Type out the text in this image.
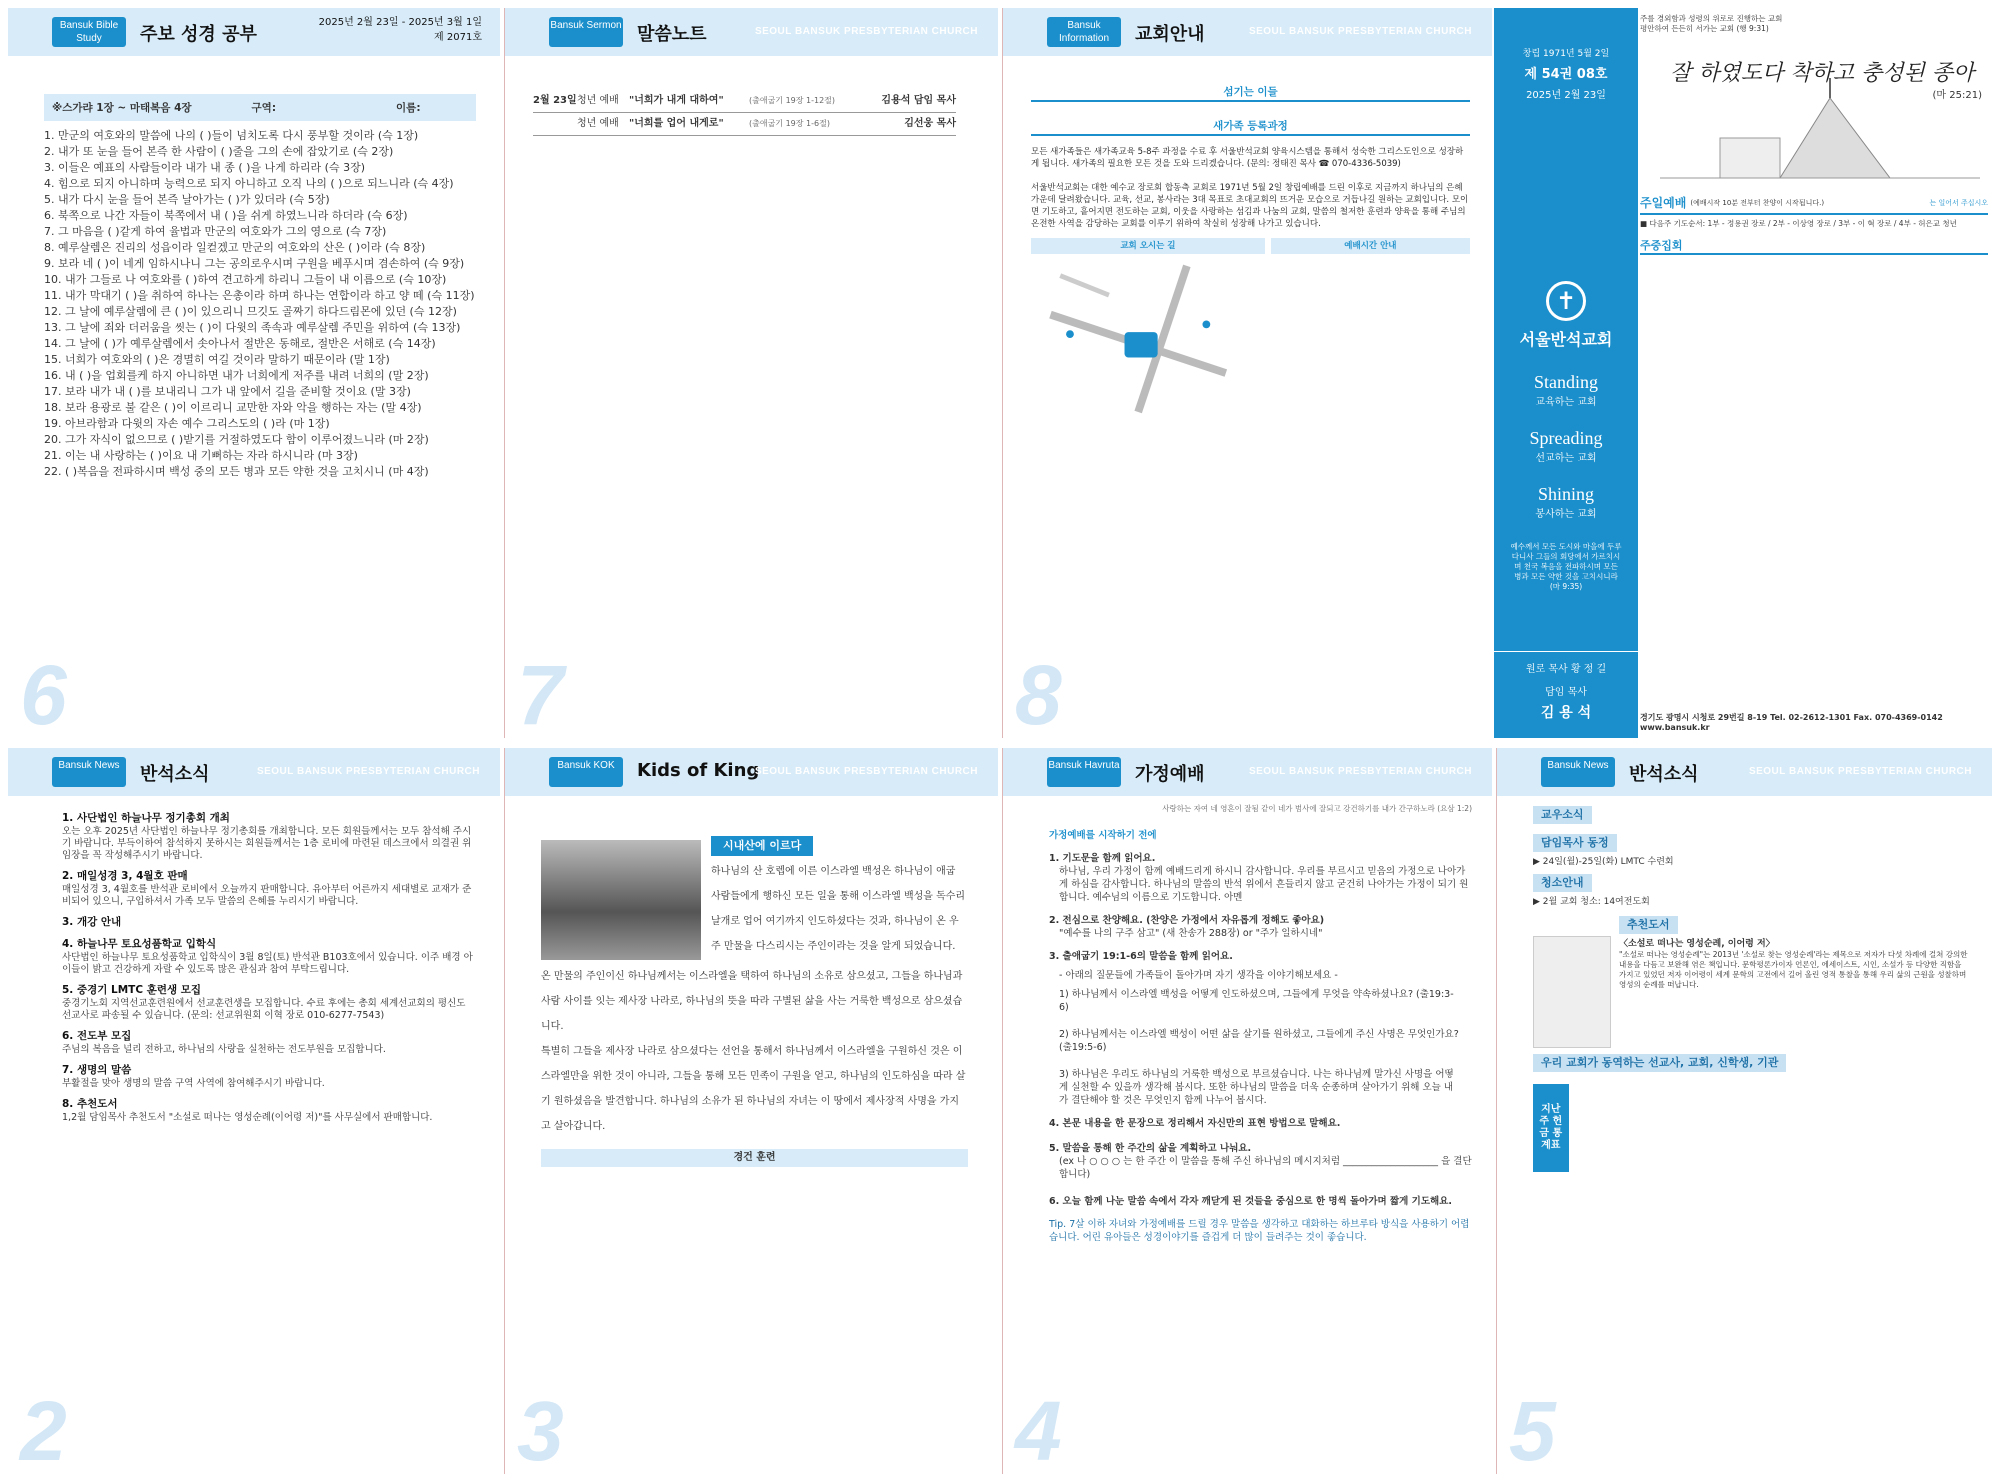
Bansuk Bible Study	주보 성경 공부
2025년 2월 23일 - 2025년 3월 1일
제 2071호
※스가랴 1장 ~ 마태복음 4장	구역:	이름:
1. 만군의 여호와의 말씀에 나의 ( )들이 넘치도록 다시 풍부할 것이라 (슥 1장)
2. 내가 또 눈을 들어 본즉 한 사람이 ( )줄을 그의 손에 잡았기로 (슥 2장)
3. 이들은 예표의 사람들이라 내가 내 종 ( )을 나게 하리라 (슥 3장)
4. 힘으로 되지 아니하며 능력으로 되지 아니하고 오직 나의 ( )으로 되느니라 (슥 4장)
5. 내가 다시 눈을 들어 본즉 날아가는 ( )가 있더라 (슥 5장)
6. 북쪽으로 나간 자들이 북쪽에서 내 ( )을 쉬게 하였느니라 하더라 (슥 6장)
7. 그 마음을 ( )같게 하여 율법과 만군의 여호와가 그의 영으로 (슥 7장)
8. 예루살렘은 진리의 성읍이라 일컫겠고 만군의 여호와의 산은 ( )이라 (슥 8장)
9. 보라 네 ( )이 네게 임하시나니 그는 공의로우시며 구원을 베푸시며 겸손하여 (슥 9장)
10. 내가 그들로 나 여호와를 ( )하여 견고하게 하리니 그들이 내 이름으로 (슥 10장)
11. 내가 막대기 ( )을 취하여 하나는 은총이라 하며 하나는 연합이라 하고 양 떼 (슥 11장)
12. 그 날에 예루살렘에 큰 ( )이 있으리니 므깃도 골짜기 하다드림몬에 있던 (슥 12장)
13. 그 날에 죄와 더러움을 씻는 ( )이 다윗의 족속과 예루살렘 주민을 위하여 (슥 13장)
14. 그 날에 ( )가 예루살렘에서 솟아나서 절반은 동해로, 절반은 서해로 (슥 14장)
15. 너희가 여호와의 ( )은 경멸히 여길 것이라 말하기 때문이라 (말 1장)
16. 내 ( )을 업회를케 하지 아니하면 내가 너희에게 저주를 내려 너희의 (말 2장)
17. 보라 내가 내 ( )를 보내리니 그가 내 앞에서 길을 준비할 것이요 (말 3장)
18. 보라 용광로 불 같은 ( )이 이르리니 교만한 자와 악을 행하는 자는 (말 4장)
19. 아브라함과 다윗의 자손 예수 그리스도의 ( )라 (마 1장)
20. 그가 자식이 없으므로 ( )받기를 거절하였도다 함이 이루어졌느니라 (마 2장)
21. 이는 내 사랑하는 ( )이요 내 기뻐하는 자라 하시니라 (마 3장)
22. ( )복음을 전파하시며 백성 중의 모든 병과 모든 약한 것을 고치시니 (마 4장)
6
Bansuk Sermon 말씀노트	SEOUL BANSUK PRESBYTERIAN CHURCH
2월 23일 청년 예배	"너희가 내게 대하여"	(출애굽기 19장 1-12절)	김용석 담임 목사
청년 예배	"너희를 업어 내게로"	(출애굽기 19장 1-6절)	김선웅 목사
7
Bansuk Information	교회안내	SEOUL BANSUK PRESBYTERIAN CHURCH
섬기는 이들
새가족 등록과정
모든 새가족들은 새가족교육 5-8주 과정을 수료 후 서울반석교회 양육시스템을 통해서 성숙한 그리스도인으로 성장하게 됩니다. 새가족의 필요한 모든 것을 도와 드리겠습니다. (문의: 정태진 목사 ☎ 070-4336-5039)
서울반석교회는 대한 예수교 장로회 합동측 교회로 1971년 5월 2일 창립예배를 드린 이후로 지금까지 하나님의 은혜 가운데 달려왔습니다. 교육, 선교, 봉사라는 3대 목표로 초대교회의 뜨거운 모습으로 거듭나길 원하는 교회입니다. 모이면 기도하고, 흩어지면 전도하는 교회, 이웃을 사랑하는 섬김과 나눔의 교회, 말씀의 철저한 훈련과 양육을 통해 주님의 온전한 사역을 감당하는 교회를 이루기 위하여 착실히 성장해 나가고 있습니다.
교회 오시는 길	예배시간 안내
8
창립 1971년 5월 2일
제 54권 08호
2025년 2월 23일
✝
서울반석교회
Standing
교육하는 교회
Spreading
선교하는 교회
Shining
봉사하는 교회
예수께서 모든 도시와 마을에 두루 다니사 그들의 회당에서 가르치시며 천국 복음을 전파하시며 모든 병과 모든 약한 것을 고치시니라 (마 9:35)
원로 목사 황 정 길
담임 목사
김 용 석
주를 경외함과 성령의 위로로 진행하는 교회 평안하여 든든히 서가는 교회 (행 9:31)
잘 하였도다 착하고 충성된 종아
(마 25:21)
주일예배 (예배시작 10분 전부터 찬양이 시작됩니다.)	는 일어서 주십시오
■ 다음주 기도순서: 1부 - 정용권 장로 / 2부 - 이상영 장로 / 3부 - 이 혁 장로 / 4부 - 허은교 청년
주중집회
경기도 광명시 시청로 29번길 8-19 Tel. 02-2612-1301 Fax. 070-4369-0142 www.bansuk.kr
Bansuk News	반석소식	SEOUL BANSUK PRESBYTERIAN CHURCH
1. 사단법인 하늘나무 정기총회 개최

오는 오후 2025년 사단법인 하늘나무 정기총회를 개최합니다. 모든 회원들께서는 모두 참석해 주시기 바랍니다. 부득이하여 참석하지 못하시는 회원들께서는 1층 로비에 마련된 데스크에서 의결권 위임장을 꼭 작성해주시기 바랍니다.

2. 매일성경 3, 4월호 판매

매일성경 3, 4월호를 반석관 로비에서 오늘까지 판매합니다. 유아부터 어른까지 세대별로 교재가 준비되어 있으니, 구입하셔서 가족 모두 말씀의 은혜를 누리시기 바랍니다.

3. 개강 안내
4. 하늘나무 토요성품학교 입학식

사단법인 하늘나무 토요성품학교 입학식이 3월 8일(토) 반석관 B103호에서 있습니다. 이주 배경 아이들이 밝고 건강하게 자랄 수 있도록 많은 관심과 참여 부탁드립니다.

5. 중경기 LMTC 훈련생 모집

중경기노회 지역선교훈련원에서 선교훈련생을 모집합니다. 수료 후에는 총회 세계선교회의 평신도 선교사로 파송될 수 있습니다. (문의: 선교위원회 이혁 장로 010-6277-7543)

6. 전도부 모집

주님의 복음을 널리 전하고, 하나님의 사랑을 실천하는 전도부원을 모집합니다.

7. 생명의 말씀

부활절을 맞아 생명의 말씀 구역 사역에 참여해주시기 바랍니다.

8. 추천도서

1,2월 담임목사 추천도서 "소설로 떠나는 영성순례(이어령 저)"를 사무실에서 판매합니다.

2
Bansuk KOK	Kids of King
SEOUL BANSUK PRESBYTERIAN CHURCH
시내산에 이르다

하나님의 산 호렙에 이른 이스라엘 백성은 하나님이 애굽 사람들에게 행하신 모든 일을 통해 이스라엘 백성을 독수리 날개로 업어 여기까지 인도하셨다는 것과, 하나님이 온 우주 만물을 다스리시는 주인이라는 것을 알게 되었습니다.

온 만물의 주인이신 하나님께서는 이스라엘을 택하여 하나님의 소유로 삼으셨고, 그들을 하나님과 사람 사이를 잇는 제사장 나라로, 하나님의 뜻을 따라 구별된 삶을 사는 거룩한 백성으로 삼으셨습니다.

특별히 그들을 제사장 나라로 삼으셨다는 선언을 통해서 하나님께서 이스라엘을 구원하신 것은 이스라엘만을 위한 것이 아니라, 그들을 통해 모든 민족이 구원을 얻고, 하나님의 인도하심을 따라 살기 원하셨음을 발견합니다. 하나님의 소유가 된 하나님의 자녀는 이 땅에서 제사장적 사명을 가지고 살아갑니다.

경건 훈련
3
Bansuk Havruta 가정예배	SEOUL BANSUK PRESBYTERIAN CHURCH
사랑하는 자여 네 영혼이 잘됨 같이 네가 범사에 잘되고 강건하기를 내가 간구하노라 (요삼 1:2)
가정예배를 시작하기 전에
1. 기도문을 함께 읽어요.
하나님, 우리 가정이 함께 예배드리게 하시니 감사합니다. 우리를 부르시고 믿음의 가정으로 나아가게 하심을 감사합니다. 하나님의 말씀의 반석 위에서 흔들리지 않고 굳건히 나아가는 가정이 되기 원합니다. 예수님의 이름으로 기도합니다. 아멘
2. 전심으로 찬양해요. (찬양은 가정에서 자유롭게 정해도 좋아요)
"예수를 나의 구주 삼고" (새 찬송가 288장) or "주가 일하시네"
3. 출애굽기 19:1-6의 말씀을 함께 읽어요.
- 아래의 질문들에 가족들이 돌아가며 자기 생각을 이야기해보세요 -
1) 하나님께서 이스라엘 백성을 어떻게 인도하셨으며, 그들에게 무엇을 약속하셨나요? (출19:3-6)
2) 하나님께서는 이스라엘 백성이 어떤 삶을 살기를 원하셨고, 그들에게 주신 사명은 무엇인가요? (출19:5-6)
3) 하나님은 우리도 하나님의 거룩한 백성으로 부르셨습니다. 나는 하나님께 말가신 사명을 어떻게 실천할 수 있을까 생각해 봅시다. 또한 하나님의 말씀을 더욱 순종하며 살아가기 위해 오늘 내가 결단해야 할 것은 무엇인지 함께 나누어 봅시다.
4. 본문 내용을 한 문장으로 정리해서 자신만의 표현 방법으로 말해요.
5. 말씀을 통해 한 주간의 삶을 계획하고 나눠요.
(ex 나 ○ ○ ○ 는 한 주간 이 말씀을 통해 주신 하나님의 메시지처럼 ____________________ 을 결단합니다)
6. 오늘 함께 나눈 말씀 속에서 각자 깨닫게 된 것들을 중심으로 한 명씩 돌아가며 짧게 기도해요.
Tip. 7살 이하 자녀와 가정예배를 드릴 경우 말씀을 생각하고 대화하는 하브루타 방식을 사용하기 어렵습니다. 어린 유아들은 성경이야기를 즐겁게 더 많이 들려주는 것이 좋습니다.
4
Bansuk News	반석소식	SEOUL BANSUK PRESBYTERIAN CHURCH
교우소식
담임목사 동정
▶ 24일(월)-25일(화) LMTC 수련회
청소안내
▶ 2월 교회 청소: 14여전도회
추천도서
〈소설로 떠나는 영성순례, 이어령 저〉
"소설로 떠나는 영성순례"는 2013년 '소설로 찾는 영성순례'라는 제목으로 저자가 다섯 차례에 걸쳐 강의한 내용을 다듬고 보완해 엮은 책입니다. 문학평론가이자 언론인, 에세이스트, 시인, 소설가 등 다양한 직함을 가지고 있었던 저자 이어령이 세계 문학의 고전에서 길어 올린 영적 통찰을 통해 우리 삶의 근원을 성찰하며 영성의 순례를 떠납니다.
우리 교회가 동역하는 선교사, 교회, 신학생, 기관
지난주 헌금 통계표
5
